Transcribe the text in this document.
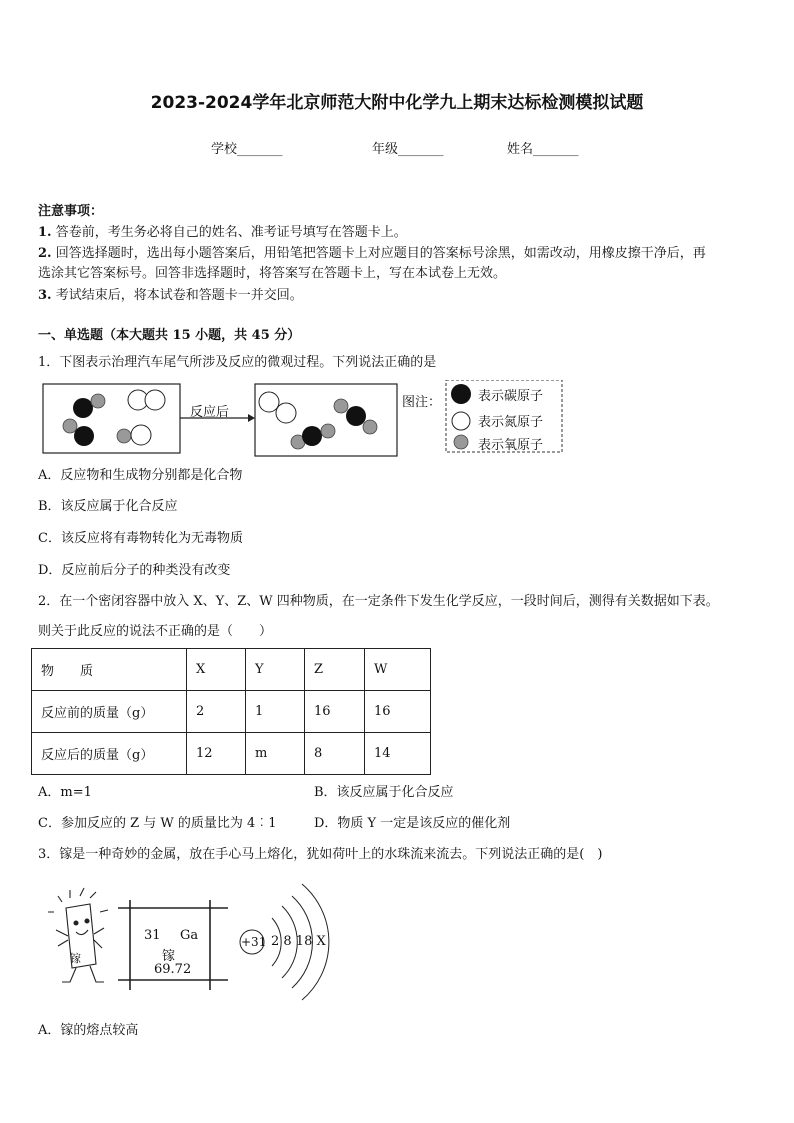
2023-2024学年北京师范大附中化学九上期末达标检测模拟试题
学校_______	年级_______	姓名_______
注意事项：
1. 答卷前，考生务必将自己的姓名、准考证号填写在答题卡上。
2. 回答选择题时，选出每小题答案后，用铅笔把答题卡上对应题目的答案标号涂黑，如需改动，用橡皮擦干净后，再
选涂其它答案标号。回答非选择题时，将答案写在答题卡上，写在本试卷上无效。
3. 考试结束后，将本试卷和答题卡一并交回。
一、单选题（本大题共 15 小题，共 45 分）
1．下图表示治理汽车尾气所涉及反应的微观过程。下列说法正确的是
反应后
图注：	表示碳原子
表示氮原子
表示氧原子
A．反应物和生成物分别都是化合物
B．该反应属于化合反应
C．该反应将有毒物转化为无毒物质
D．反应前后分子的种类没有改变
2．在一个密闭容器中放入 X、Y、Z、W 四种物质，在一定条件下发生化学反应，一段时间后，测得有关数据如下表。
则关于此反应的说法不正确的是（　　）
物　　质	X	Y	Z	W
反应前的质量（g）	2	1	16	16
反应后的质量（g）	12	m	8	14
A．m=1	B．该反应属于化合反应
C．参加反应的 Z 与 W 的质量比为 4︰1	D．物质 Y 一定是该反应的催化剂
3．镓是一种奇妙的金属，放在手心马上熔化，犹如荷叶上的水珠流来流去。下列说法正确的是(　)
镓
31 Ga
镓
69.72
+31 2 8 18 X
A．镓的熔点较高
